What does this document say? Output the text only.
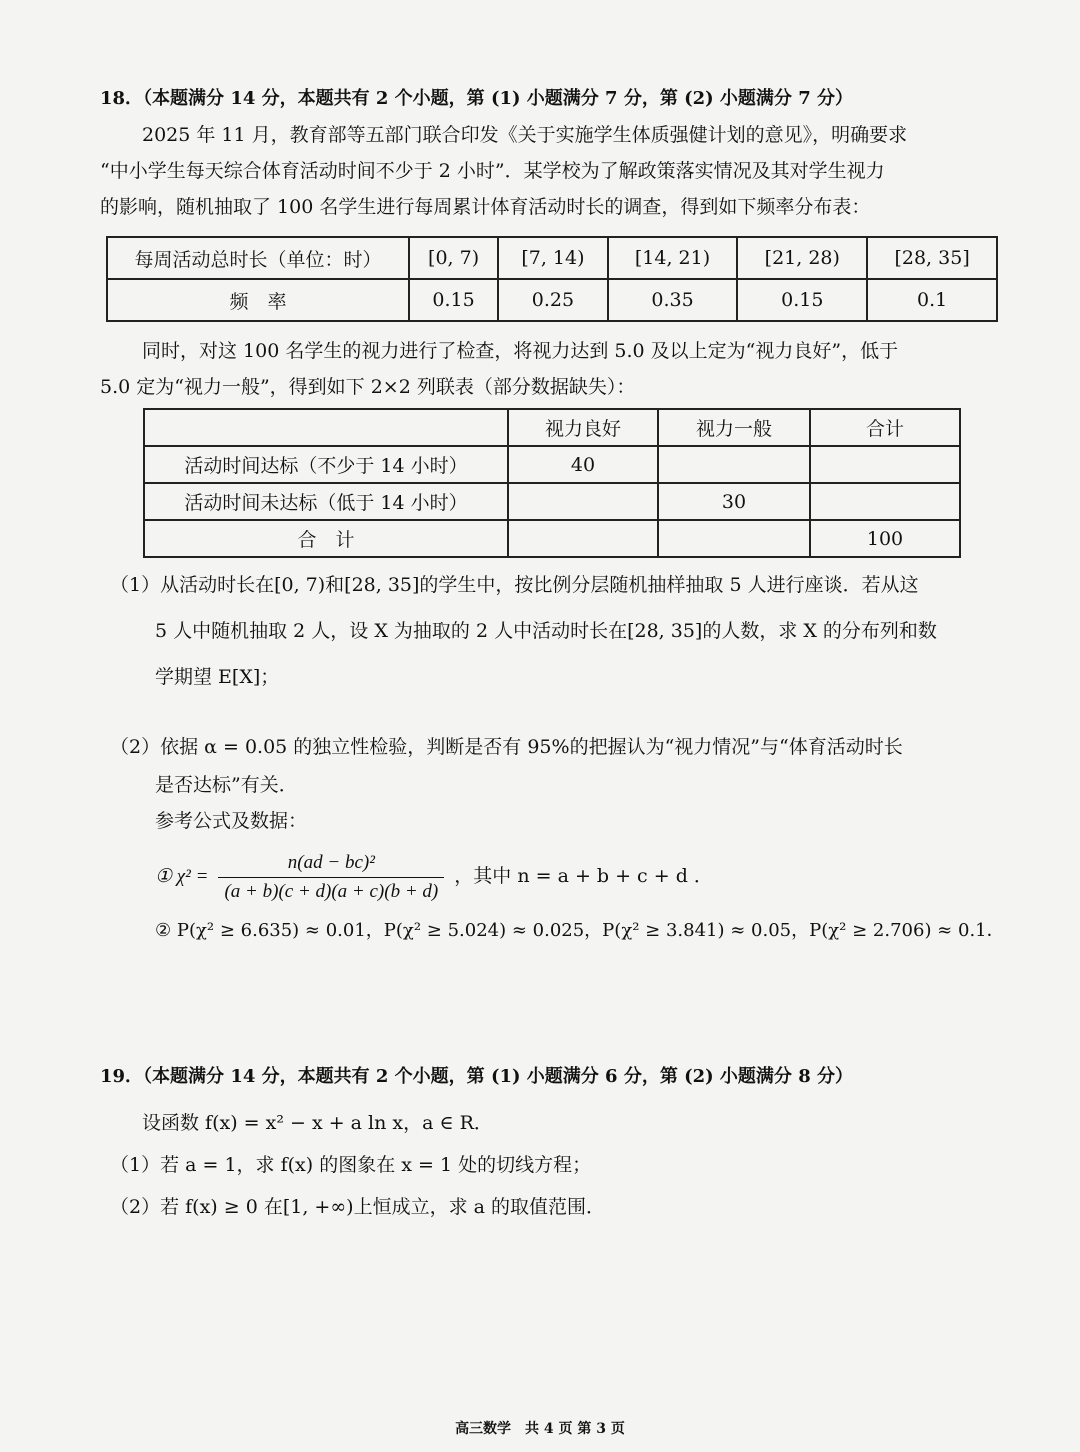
18．（本题满分 14 分，本题共有 2 个小题，第 (1) 小题满分 7 分，第 (2) 小题满分 7 分）
2025 年 11 月，教育部等五部门联合印发《关于实施学生体质强健计划的意见》，明确要求
“中小学生每天综合体育活动时间不少于 2 小时”．某学校为了解政策落实情况及其对学生视力
的影响，随机抽取了 100 名学生进行每周累计体育活动时长的调查，得到如下频率分布表：
每周活动总时长（单位：时）	[0, 7)	[7, 14)	[14, 21)	[21, 28)	[28, 35]
频　率	0.15	0.25	0.35	0.15	0.1
同时，对这 100 名学生的视力进行了检查，将视力达到 5.0 及以上定为“视力良好”，低于
5.0 定为“视力一般”，得到如下 2×2 列联表（部分数据缺失）：
	视力良好	视力一般	合计
活动时间达标（不少于 14 小时）	40		
活动时间未达标（低于 14 小时）		30	
合　计			100
（1）从活动时长在[0, 7)和[28, 35]的学生中，按比例分层随机抽样抽取 5 人进行座谈．若从这
5 人中随机抽取 2 人，设 X 为抽取的 2 人中活动时长在[28, 35]的人数，求 X 的分布列和数
学期望 E[X]；
（2）依据 α = 0.05 的独立性检验，判断是否有 95%的把握认为“视力情况”与“体育活动时长
是否达标”有关．
参考公式及数据：
① $\chi^2 = \frac{\text{n(ad − bc)²}}{(a + b)(c + d)(a + c)(b + d)}$ ，其中 n = a + b + c + d ．
② P(χ² ≥ 6.635) ≈ 0.01，P(χ² ≥ 5.024) ≈ 0.025，P(χ² ≥ 3.841) ≈ 0.05，P(χ² ≥ 2.706) ≈ 0.1．
19．（本题满分 14 分，本题共有 2 个小题，第 (1) 小题满分 6 分，第 (2) 小题满分 8 分）
设函数 f(x) = x² − x + a ln x，a ∈ R．
（1）若 a = 1，求 f(x) 的图象在 x = 1 处的切线方程；
（2）若 f(x) ≥ 0 在[1, +∞)上恒成立，求 a 的取值范围．
高三数学　共 4 页 第 3 页
